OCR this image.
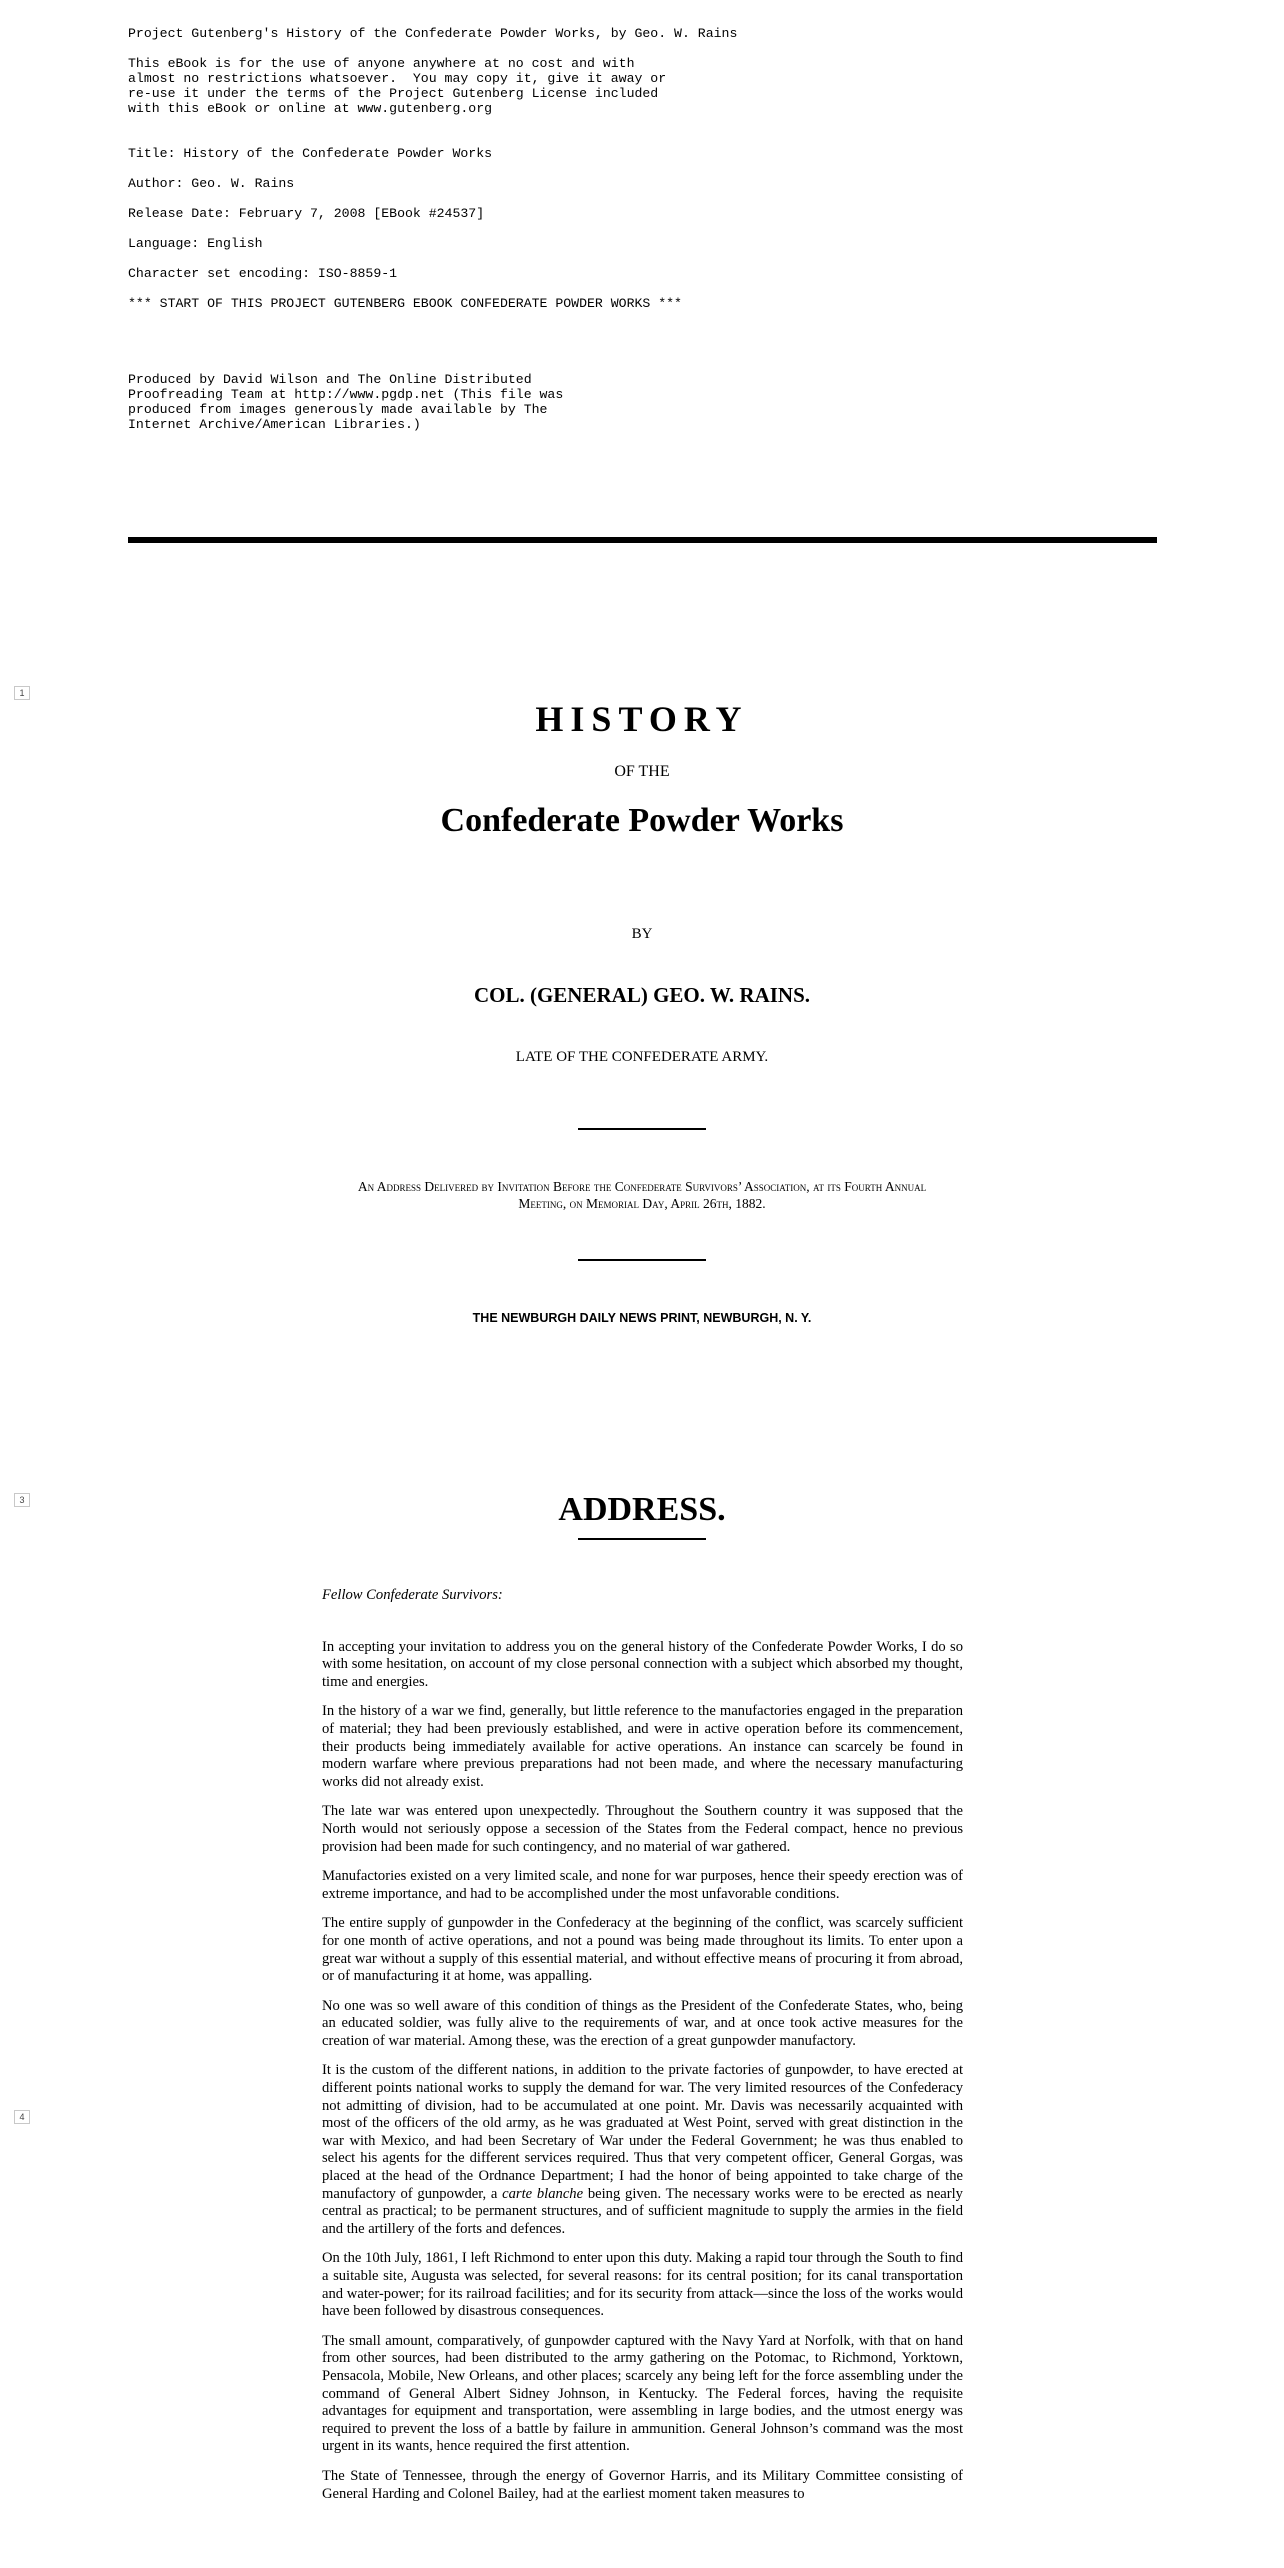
Project Gutenberg's History of the Confederate Powder Works, by Geo. W. Rains
This eBook is for the use of anyone anywhere at no cost and with
almost no restrictions whatsoever.  You may copy it, give it away or
re-use it under the terms of the Project Gutenberg License included
with this eBook or online at www.gutenberg.org
Title: History of the Confederate Powder Works
Author: Geo. W. Rains
Release Date: February 7, 2008 [EBook #24537]
Language: English
Character set encoding: ISO-8859-1
*** START OF THIS PROJECT GUTENBERG EBOOK CONFEDERATE POWDER WORKS ***
Produced by David Wilson and The Online Distributed
Proofreading Team at http://www.pgdp.net (This file was
produced from images generously made available by The
Internet Archive/American Libraries.)
1
3
4
HISTORY
OF THE
Confederate Powder Works
BY
COL. (GENERAL) GEO. W. RAINS.
LATE OF THE CONFEDERATE ARMY.
An Address Delivered by Invitation Before the Confederate Survivors’ Association, at its Fourth Annual Meeting, on Memorial Day, April 26th, 1882.
THE NEWBURGH DAILY NEWS PRINT, NEWBURGH, N. Y.
ADDRESS.
Fellow Confederate Survivors:

In accepting your invitation to address you on the general history of the Confederate Powder Works, I do so with some hesitation, on account of my close personal connection with a subject which absorbed my thought, time and energies.

In the history of a war we find, generally, but little reference to the manufactories engaged in the preparation of material; they had been previously established, and were in active operation before its commencement, their products being immediately available for active operations. An instance can scarcely be found in modern warfare where previous preparations had not been made, and where the necessary manufacturing works did not already exist.

The late war was entered upon unexpectedly. Throughout the Southern country it was supposed that the North would not seriously oppose a secession of the States from the Federal compact, hence no previous provision had been made for such contingency, and no material of war gathered.

Manufactories existed on a very limited scale, and none for war purposes, hence their speedy erection was of extreme importance, and had to be accomplished under the most unfavorable conditions.

The entire supply of gunpowder in the Confederacy at the beginning of the conflict, was scarcely sufficient for one month of active operations, and not a pound was being made throughout its limits. To enter upon a great war without a supply of this essential material, and without effective means of procuring it from abroad, or of manufacturing it at home, was appalling.

No one was so well aware of this condition of things as the President of the Confederate States, who, being an educated soldier, was fully alive to the requirements of war, and at once took active measures for the creation of war material. Among these, was the erection of a great gunpowder manufactory.

It is the custom of the different nations, in addition to the private factories of gunpowder, to have erected at different points national works to supply the demand for war. The very limited resources of the Confederacy not admitting of division, had to be accumulated at one point. Mr. Davis was necessarily acquainted with most of the officers of the old army, as he was graduated at West Point, served with great distinction in the war with Mexico, and had been Secretary of War under the Federal Government; he was thus enabled to select his agents for the different services required. Thus that very competent officer, General Gorgas, was placed at the head of the Ordnance Department; I had the honor of being appointed to take charge of the manufactory of gunpowder, a carte blanche being given. The necessary works were to be erected as nearly central as practical; to be permanent structures, and of sufficient magnitude to supply the armies in the field and the artillery of the forts and defences.

On the 10th July, 1861, I left Richmond to enter upon this duty. Making a rapid tour through the South to find a suitable site, Augusta was selected, for several reasons: for its central position; for its canal transportation and water-power; for its railroad facilities; and for its security from attack—since the loss of the works would have been followed by disastrous consequences.

The small amount, comparatively, of gunpowder captured with the Navy Yard at Norfolk, with that on hand from other sources, had been distributed to the army gathering on the Potomac, to Richmond, Yorktown, Pensacola, Mobile, New Orleans, and other places; scarcely any being left for the force assembling under the command of General Albert Sidney Johnson, in Kentucky. The Federal forces, having the requisite advantages for equipment and transportation, were assembling in large bodies, and the utmost energy was required to prevent the loss of a battle by failure in ammunition. General Johnson’s command was the most urgent in its wants, hence required the first attention.

The State of Tennessee, through the energy of Governor Harris, and its Military Committee consisting of General Harding and Colonel Bailey, had at the earliest moment taken measures to
